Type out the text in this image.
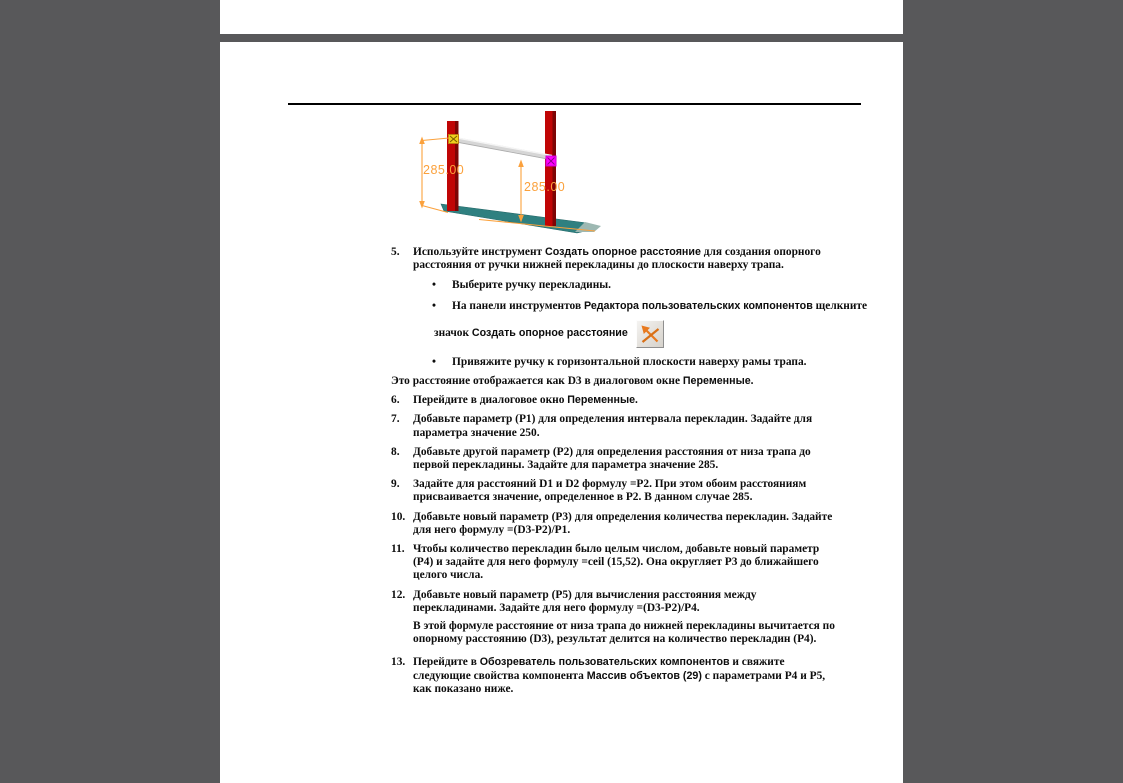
285.00
285.00
5.	Используйте инструмент Создать опорное расстояние для создания опорного расстояния от ручки нижней перекладины до плоскости наверху трапа.
•	Выберите ручку перекладины.
•	На панели инструментов Редактора пользовательских компонентов щелкните
значок Создать опорное расстояние
•	Привяжите ручку к горизонтальной плоскости наверху рамы трапа.
Это расстояние отображается как D3 в диалоговом окне Переменные.
6.	Перейдите в диалоговое окно Переменные.
7.	Добавьте параметр (P1) для определения интервала перекладин. Задайте для параметра значение 250.
8.	Добавьте другой параметр (P2) для определения расстояния от низа трапа до первой перекладины. Задайте для параметра значение 285.
9.	Задайте для расстояний D1 и D2 формулу =P2. При этом обоим расстояниям присваивается значение, определенное в P2. В данном случае 285.
10. Добавьте новый параметр (P3) для определения количества перекладин. Задайте для него формулу =(D3-P2)/P1.
11. Чтобы количество перекладин было целым числом, добавьте новый параметр (P4) и задайте для него формулу =ceil (15,52). Она округляет P3 до ближайшего целого числа.
12. Добавьте новый параметр (P5) для вычисления расстояния между перекладинами. Задайте для него формулу =(D3-P2)/P4.
В этой формуле расстояние от низа трапа до нижней перекладины вычитается по опорному расстоянию (D3), результат делится на количество перекладин (P4).
13. Перейдите в Обозреватель пользовательских компонентов и свяжите следующие свойства компонента Массив объектов (29) с параметрами P4 и P5, как показано ниже.
